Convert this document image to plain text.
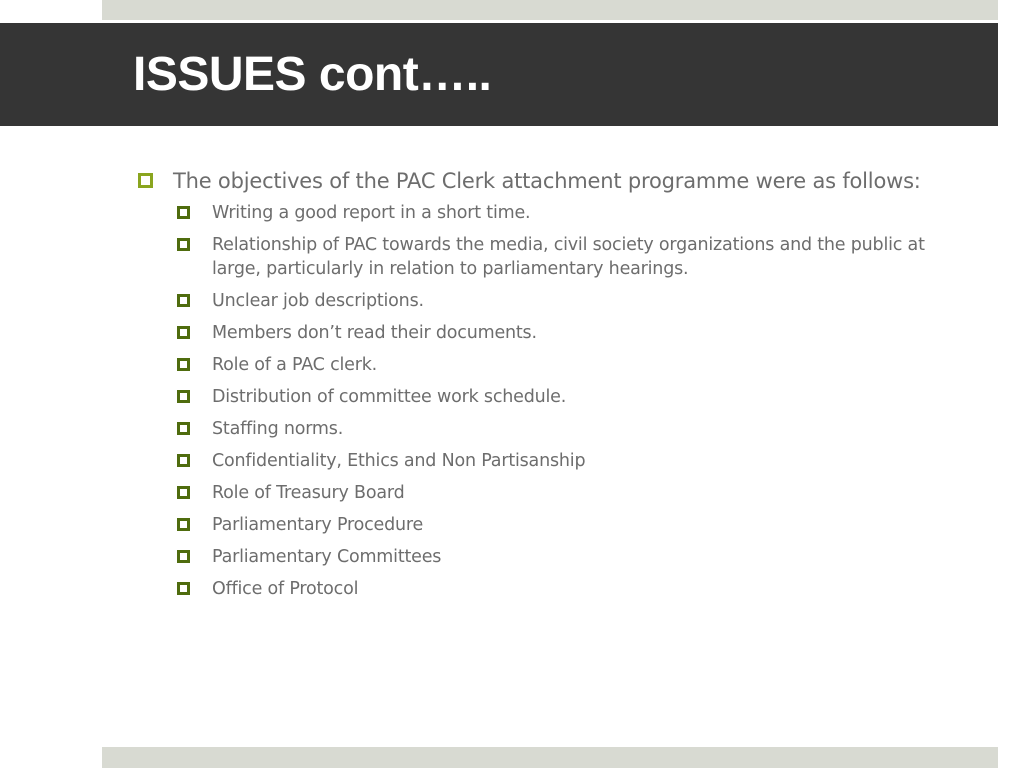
ISSUES cont…..
The objectives of the PAC Clerk attachment programme were as follows:
Writing a good report in a short time.
Relationship of PAC towards the media, civil society organizations and the public at large, particularly in relation to parliamentary hearings.
Unclear job descriptions.
Members don’t read their documents.
Role of a PAC clerk.
Distribution of committee work schedule.
Staffing norms.
Confidentiality, Ethics and Non Partisanship
Role of Treasury Board
Parliamentary Procedure
Parliamentary Committees
Office of Protocol
